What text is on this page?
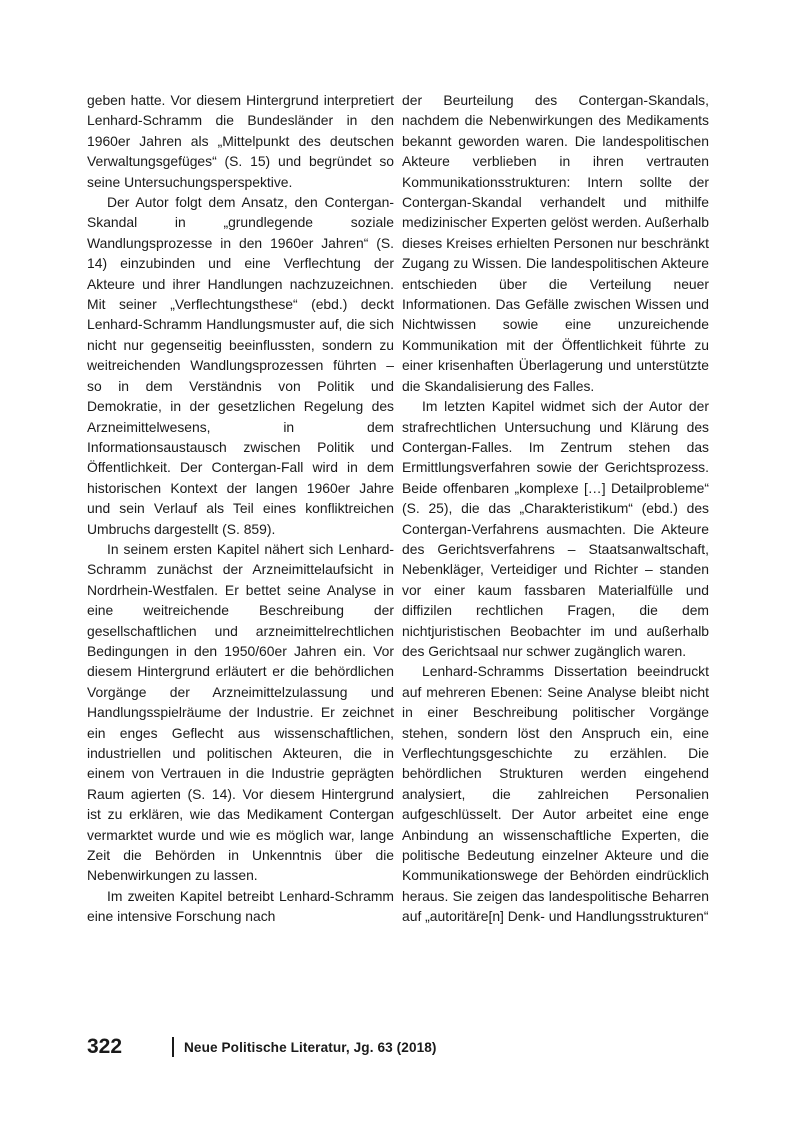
geben hatte. Vor diesem Hintergrund interpretiert Lenhard-Schramm die Bundesländer in den 1960er Jahren als „Mittelpunkt des deutschen Verwaltungsgefüges“ (S. 15) und begründet so seine Untersuchungsperspektive.

Der Autor folgt dem Ansatz, den Contergan-Skandal in „grundlegende soziale Wandlungsprozesse in den 1960er Jahren“ (S. 14) einzubinden und eine Verflechtung der Akteure und ihrer Handlungen nachzuzeichnen. Mit seiner „Verflechtungsthese“ (ebd.) deckt Lenhard-Schramm Handlungsmuster auf, die sich nicht nur gegenseitig beeinflussten, sondern zu weitreichenden Wandlungsprozessen führten – so in dem Verständnis von Politik und Demokratie, in der gesetzlichen Regelung des Arzneimittelwesens, in dem Informationsaustausch zwischen Politik und Öffentlichkeit. Der Contergan-Fall wird in dem historischen Kontext der langen 1960er Jahre und sein Verlauf als Teil eines konfliktreichen Umbruchs dargestellt (S. 859).

In seinem ersten Kapitel nähert sich Lenhard-Schramm zunächst der Arzneimittelaufsicht in Nordrhein-Westfalen. Er bettet seine Analyse in eine weitreichende Beschreibung der gesellschaftlichen und arzneimittelrechtlichen Bedingungen in den 1950/60er Jahren ein. Vor diesem Hintergrund erläutert er die behördlichen Vorgänge der Arzneimittelzulassung und Handlungsspielräume der Industrie. Er zeichnet ein enges Geflecht aus wissenschaftlichen, industriellen und politischen Akteuren, die in einem von Vertrauen in die Industrie geprägten Raum agierten (S. 14). Vor diesem Hintergrund ist zu erklären, wie das Medikament Contergan vermarktet wurde und wie es möglich war, lange Zeit die Behörden in Unkenntnis über die Nebenwirkungen zu lassen.

Im zweiten Kapitel betreibt Lenhard-Schramm eine intensive Forschung nach

der Beurteilung des Contergan-Skandals, nachdem die Nebenwirkungen des Medikaments bekannt geworden waren. Die landespolitischen Akteure verblieben in ihren vertrauten Kommunikationsstrukturen: Intern sollte der Contergan-Skandal verhandelt und mithilfe medizinischer Experten gelöst werden. Außerhalb dieses Kreises erhielten Personen nur beschränkt Zugang zu Wissen. Die landespolitischen Akteure entschieden über die Verteilung neuer Informationen. Das Gefälle zwischen Wissen und Nichtwissen sowie eine unzureichende Kommunikation mit der Öffentlichkeit führte zu einer krisenhaften Überlagerung und unterstützte die Skandalisierung des Falles.

Im letzten Kapitel widmet sich der Autor der strafrechtlichen Untersuchung und Klärung des Contergan-Falles. Im Zentrum stehen das Ermittlungsverfahren sowie der Gerichtsprozess. Beide offenbaren „komplexe […] Detailprobleme“ (S. 25), die das „Charakteristikum“ (ebd.) des Contergan-Verfahrens ausmachten. Die Akteure des Gerichtsverfahrens – Staatsanwaltschaft, Nebenkläger, Verteidiger und Richter – standen vor einer kaum fassbaren Materialfülle und diffizilen rechtlichen Fragen, die dem nichtjuristischen Beobachter im und außerhalb des Gerichtsaal nur schwer zugänglich waren.

Lenhard-Schramms Dissertation beeindruckt auf mehreren Ebenen: Seine Analyse bleibt nicht in einer Beschreibung politischer Vorgänge stehen, sondern löst den Anspruch ein, eine Verflechtungsgeschichte zu erzählen. Die behördlichen Strukturen werden eingehend analysiert, die zahlreichen Personalien aufgeschlüsselt. Der Autor arbeitet eine enge Anbindung an wissenschaftliche Experten, die politische Bedeutung einzelner Akteure und die Kommunikationswege der Behörden eindrücklich heraus. Sie zeigen das landespolitische Beharren auf „autoritäre[n] Denk- und Handlungsstrukturen“

322	Neue Politische Literatur, Jg. 63 (2018)
